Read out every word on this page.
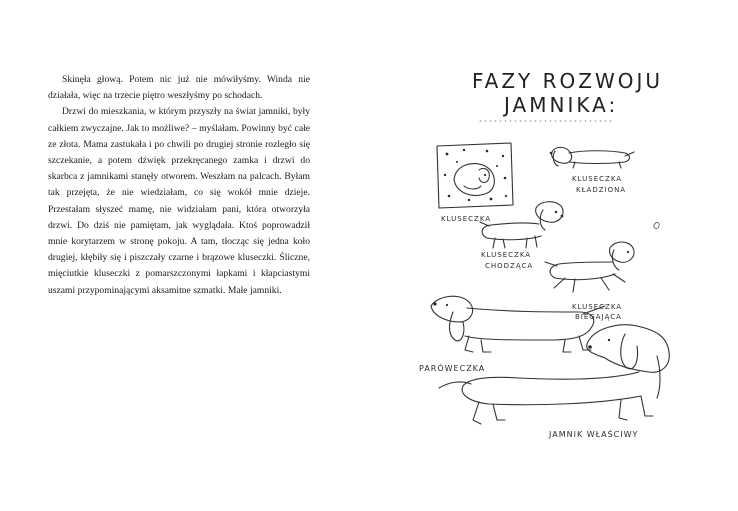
Skinęła głową. Potem nic już nie mówiłyśmy. Winda nie działała, więc na trzecie piętro weszłyśmy po schodach.

Drzwi do mieszkania, w którym przyszły na świat jamniki, były całkiem zwyczajne. Jak to możliwe? – myślałam. Powinny być całe ze złota. Mama zastukała i po chwili po drugiej stronie rozległo się szczekanie, a potem dźwięk przekręcanego zamka i drzwi do skarbca z jamnikami stanęły otworem. Weszłam na palcach. Byłam tak przejęta, że nie wiedziałam, co się wokół mnie dzieje. Przestałam słyszeć mamę, nie widziałam pani, która otworzyła drzwi. Do dziś nie pamiętam, jak wyglądała. Ktoś poprowadził mnie korytarzem w stronę pokoju. A tam, tłocząc się jedna koło drugiej, kłębiły się i piszczały czarne i brązowe kluseczki. Śliczne, mięciutkie kluseczki z pomarszczonymi łapkami i kłapciastymi uszami przypominającymi aksamitne szmatki. Małe jamniki.

FAZY ROZWOJU
JAMNIKA:
KLUSECZKA
KLUSECZKA KŁADZIONA
KLUSECZKA CHODZĄCA
KLUSECZKA BIEGAJĄCA
PARÓWECZKA
JAMNIK WŁAŚCIWY
